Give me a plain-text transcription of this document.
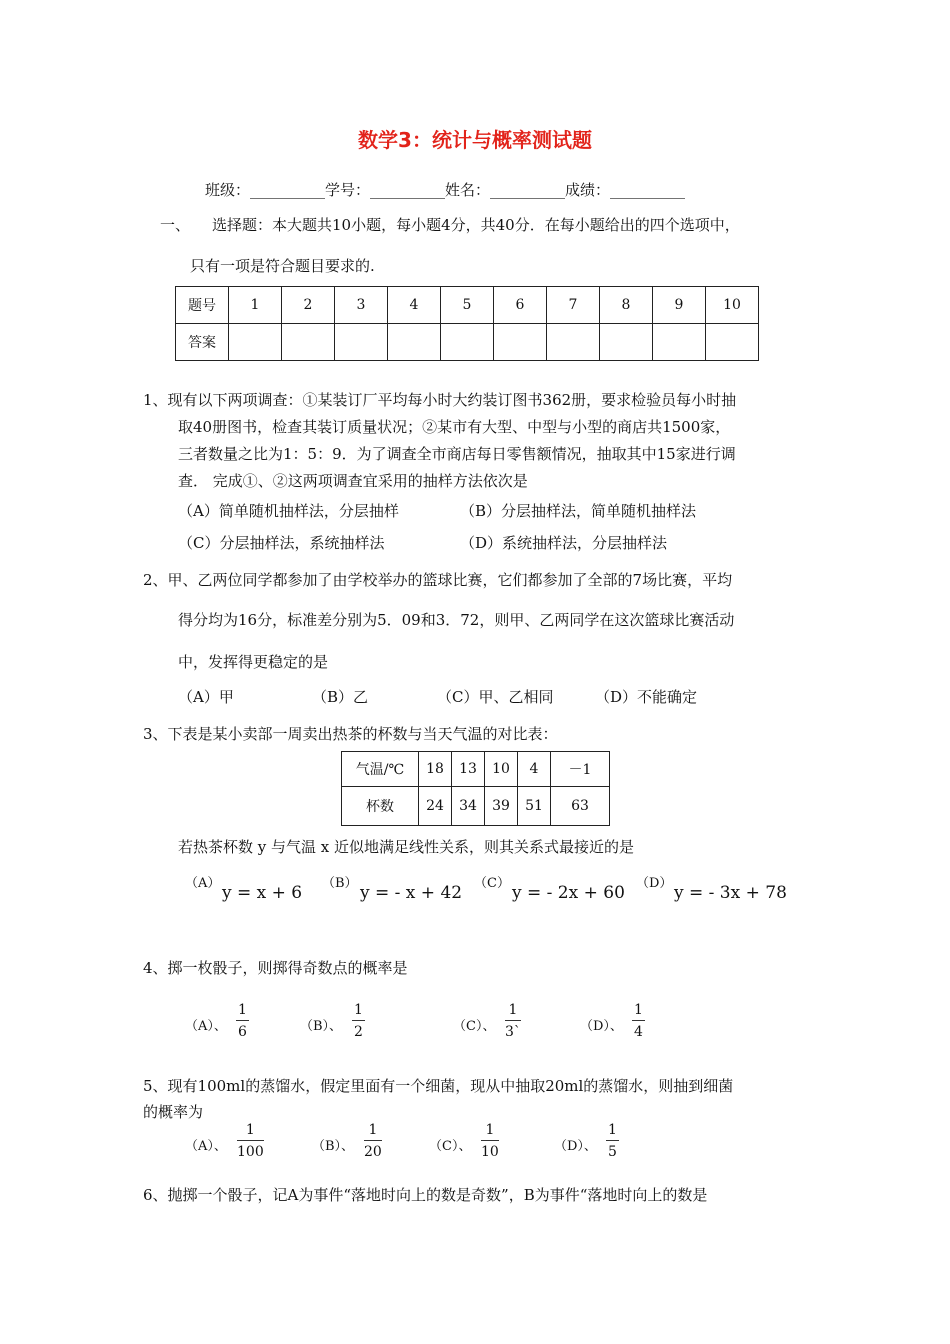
数学3：统计与概率测试题
班级：__________学号：__________姓名：__________成绩：__________
一、 选择题：本大题共10小题，每小题4分，共40分．在每小题给出的四个选项中，
只有一项是符合题目要求的.
题号	1	2	3	4	5	6	7	8	9	10
答案										
1、现有以下两项调查：①某装订厂平均每小时大约装订图书362册，要求检验员每小时抽
取40册图书，检查其装订质量状况；②某市有大型、中型与小型的商店共1500家，
三者数量之比为1：5：9．为了调查全市商店每日零售额情况，抽取其中15家进行调
查． 完成①、②这两项调查宜采用的抽样方法依次是
（A）简单随机抽样法，分层抽样	（B）分层抽样法，简单随机抽样法
（C）分层抽样法，系统抽样法	（D）系统抽样法，分层抽样法
2、甲、乙两位同学都参加了由学校举办的篮球比赛，它们都参加了全部的7场比赛，平均
得分均为16分，标准差分别为5．09和3．72，则甲、乙两同学在这次篮球比赛活动
中，发挥得更稳定的是
（A）甲	（B）乙	（C）甲、乙相同	（D）不能确定
3、下表是某小卖部一周卖出热茶的杯数与当天气温的对比表：
气温/℃	18	13	10	4	－1
杯数	24	34	39	51	63
若热茶杯数 y 与气温 x 近似地满足线性关系，则其关系式最接近的是
（A） y = x + 6 （B） y = - x + 42 （C） y = - 2x + 60 （D） y = - 3x + 78
4、掷一枚骰子，则掷得奇数点的概率是
（A）、 $\frac{1}{6}$	（B）、 $\frac{1}{2}$	（C）、 $\frac{1}{3`}$	（D）、 $\frac{1}{4}$
5、现有100ml的蒸馏水，假定里面有一个细菌，现从中抽取20ml的蒸馏水，则抽到细菌
的概率为
（A）、 $\frac{1}{100}$	（B）、 $\frac{1}{20}$	（C）、 $\frac{1}{10}$	（D）、 $\frac{1}{5}$
6、抛掷一个骰子，记A为事件“落地时向上的数是奇数”，B为事件“落地时向上的数是
